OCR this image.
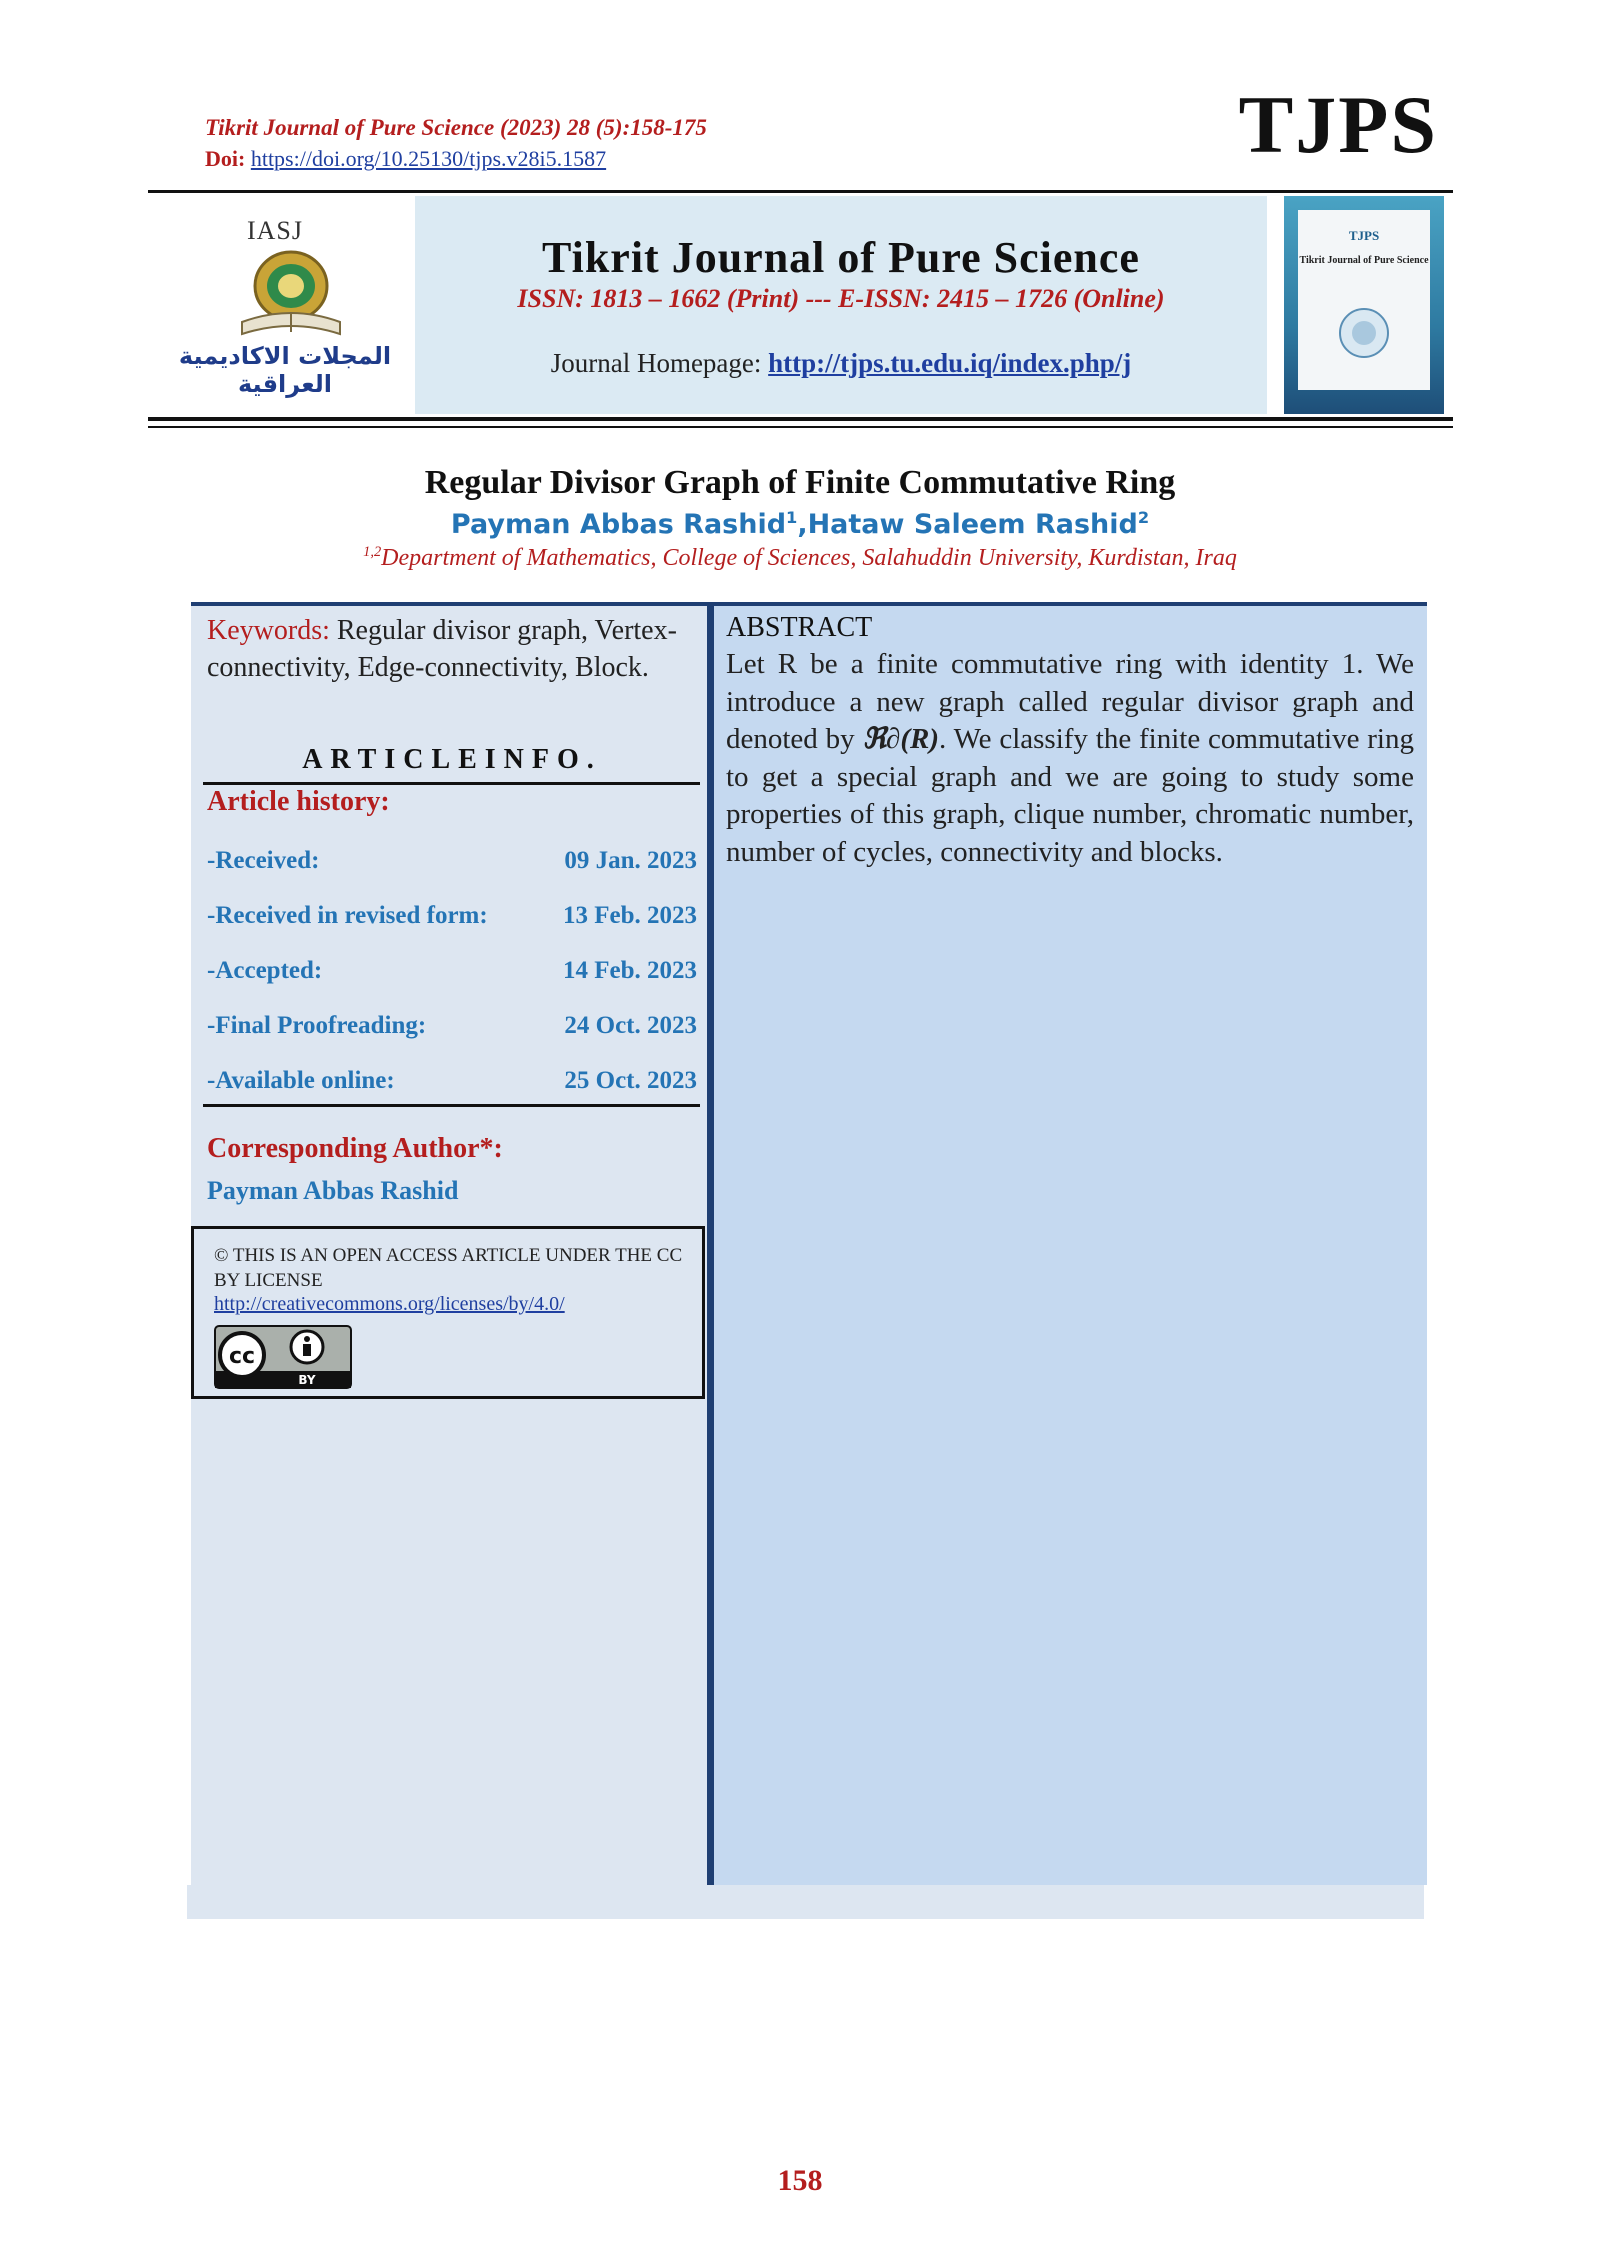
Tikrit Journal of Pure Science (2023) 28 (5):158-175
Doi: https://doi.org/10.25130/tjps.v28i5.1587	TJPS
IASJ
المجلات الاكاديمية العراقية
Tikrit Journal of Pure Science
ISSN: 1813 – 1662 (Print) --- E-ISSN: 2415 – 1726 (Online)
Journal Homepage: http://tjps.tu.edu.iq/index.php/j
TJPS
Tikrit Journal of Pure Science
Regular Divisor Graph of Finite Commutative Ring
Payman Abbas Rashid$^1$,Hataw Saleem Rashid$^2$
$^{1,2}$Department of Mathematics, College of Sciences, Salahuddin University, Kurdistan, Iraq
Keywords: Regular divisor graph, Vertex-connectivity, Edge-connectivity, Block.
ARTICLEINFO.
Article history:
-Received:	09 Jan. 2023
-Received in revised form:	13 Feb. 2023
-Accepted:	14 Feb. 2023
-Final Proofreading:	24 Oct. 2023
-Available online:	25 Oct. 2023
Corresponding Author*:
Payman Abbas Rashid
© THIS IS AN OPEN ACCESS ARTICLE UNDER THE CC BY LICENSE
http://creativecommons.org/licenses/by/4.0/
cc
BY
ABSTRACT
Let R be a finite commutative ring with identity 1. We introduce a new graph called regular divisor graph and denoted by ℜ∂(R). We classify the finite commutative ring to get a special graph and we are going to study some properties of this graph, clique number, chromatic number, number of cycles, connectivity and blocks.
158
